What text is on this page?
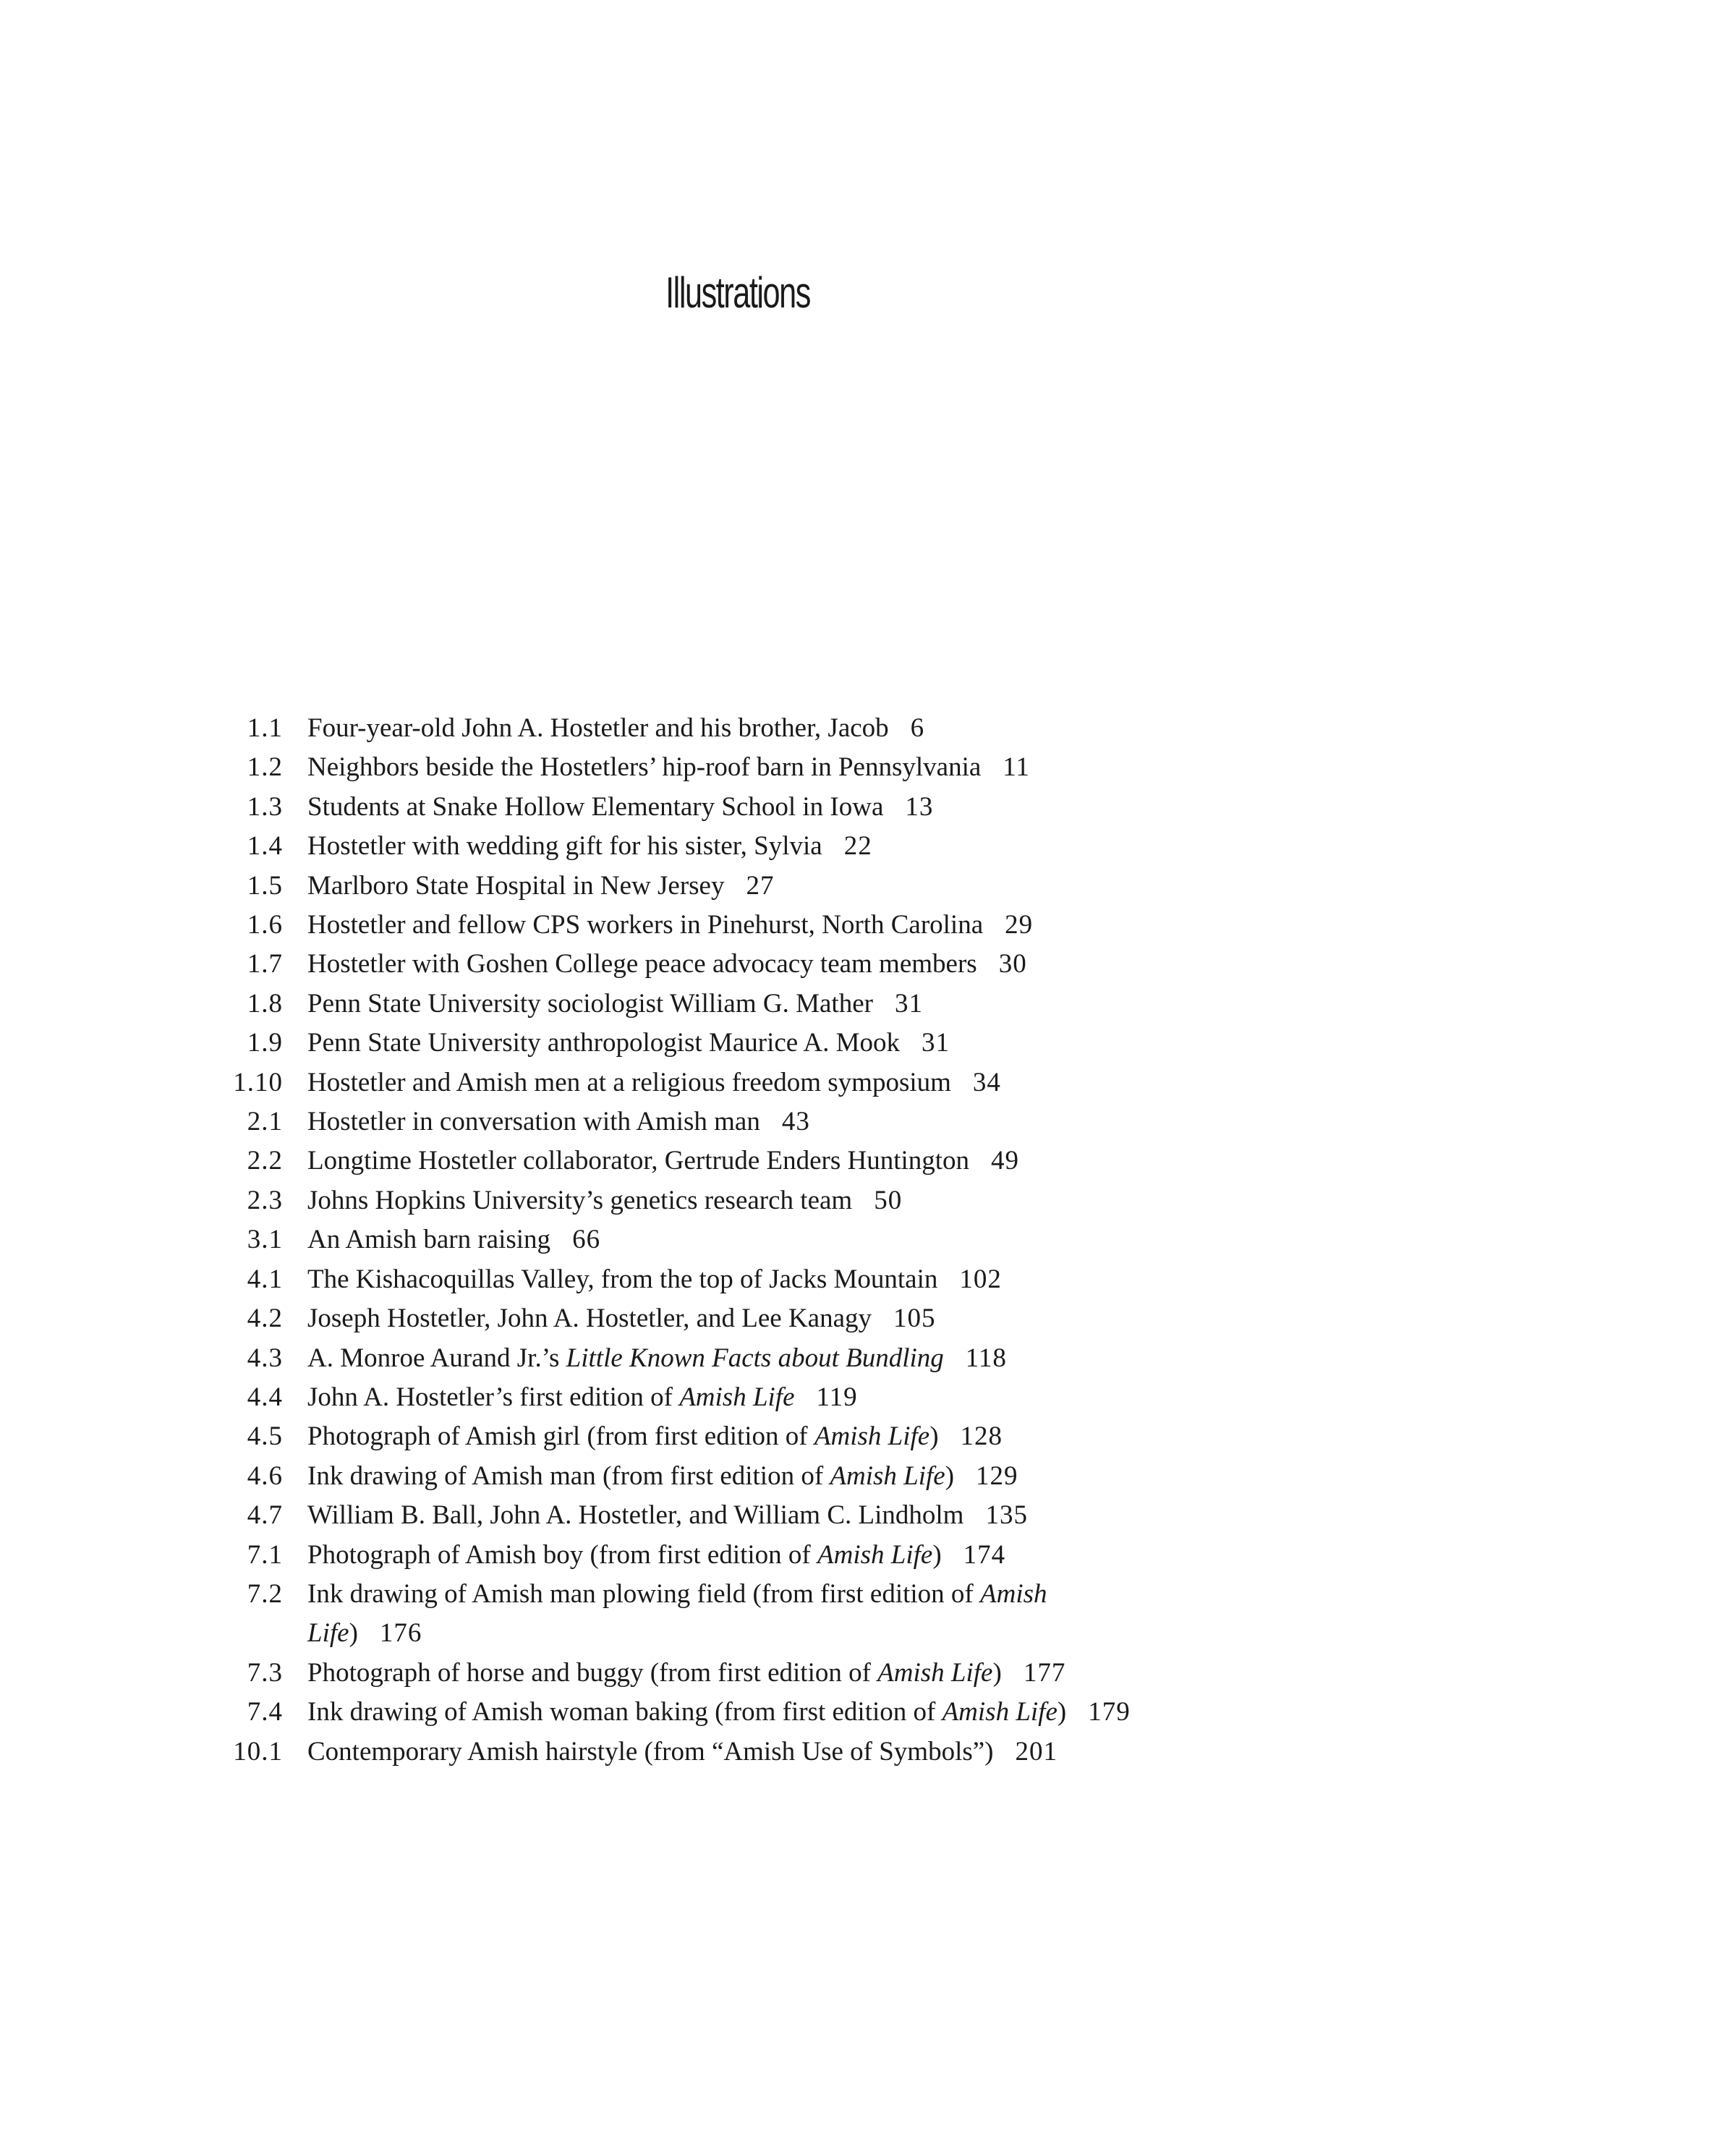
Illustrations
1.1 Four-year-old John A. Hostetler and his brother, Jacob 6
1.2 Neighbors beside the Hostetlers’ hip-roof barn in Pennsylvania 11
1.3 Students at Snake Hollow Elementary School in Iowa 13
1.4 Hostetler with wedding gift for his sister, Sylvia 22
1.5 Marlboro State Hospital in New Jersey 27
1.6 Hostetler and fellow CPS workers in Pinehurst, North Carolina 29
1.7 Hostetler with Goshen College peace advocacy team members 30
1.8 Penn State University sociologist William G. Mather 31
1.9 Penn State University anthropologist Maurice A. Mook 31
1.10 Hostetler and Amish men at a religious freedom symposium 34
2.1 Hostetler in conversation with Amish man 43
2.2 Longtime Hostetler collaborator, Gertrude Enders Huntington 49
2.3 Johns Hopkins University’s genetics research team 50
3.1 An Amish barn raising 66
4.1 The Kishacoquillas Valley, from the top of Jacks Mountain 102
4.2 Joseph Hostetler, John A. Hostetler, and Lee Kanagy 105
4.3 A. Monroe Aurand Jr.’s Little Known Facts about Bundling 118
4.4 John A. Hostetler’s first edition of Amish Life 119
4.5 Photograph of Amish girl (from first edition of Amish Life) 128
4.6 Ink drawing of Amish man (from first edition of Amish Life) 129
4.7 William B. Ball, John A. Hostetler, and William C. Lindholm 135
7.1 Photograph of Amish boy (from first edition of Amish Life) 174
7.2 Ink drawing of Amish man plowing field (from first edition of Amish Life) 176
7.3 Photograph of horse and buggy (from first edition of Amish Life) 177
7.4 Ink drawing of Amish woman baking (from first edition of Amish Life) 179
10.1 Contemporary Amish hairstyle (from “Amish Use of Symbols”) 201
